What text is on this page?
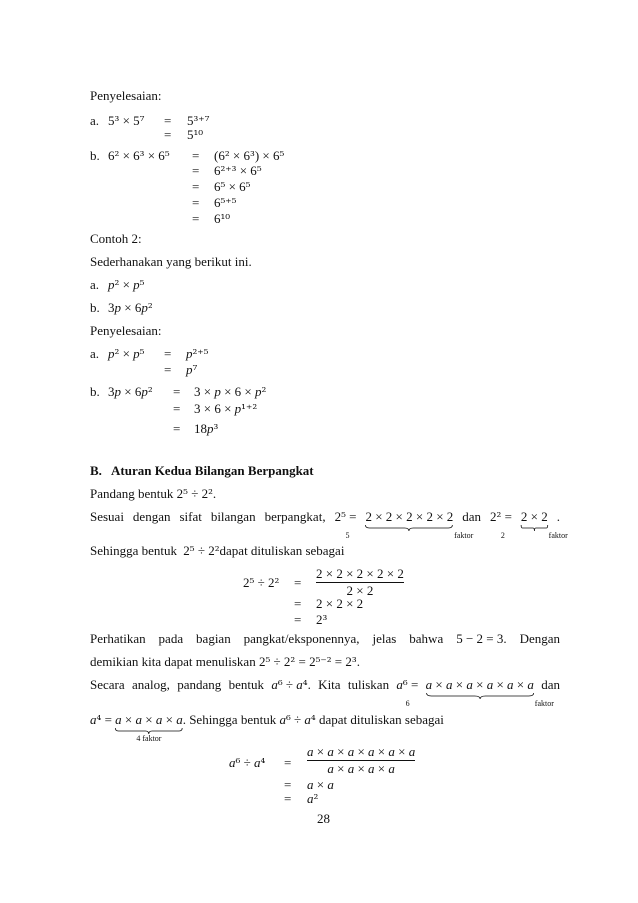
Penyelesaian:
a. 5³ × 5⁷ = 5³⁺⁷
= 5¹⁰
b. 6² × 6³ × 6⁵ = (6² × 6³) × 6⁵
= 6²⁺³ × 6⁵
= 6⁵ × 6⁵
= 6⁵⁺⁵
= 6¹⁰
Contoh 2:
Sederhanakan yang berikut ini.
a. p² × p⁵
b. 3p × 6p²
Penyelesaian:
a. p² × p⁵ = p²⁺⁵
= p⁷
b. 3p × 6p² = 3 × p × 6 × p²
= 3 × 6 × p¹⁺²
= 18p³
B. Aturan Kedua Bilangan Berpangkat
Pandang bentuk 2⁵ ÷ 2².
Sesuai dengan sifat bilangan berpangkat, 2⁵ = 2 × 2 × 2 × 2 × 2
5 faktor
dan 2² = 2 × 2
2 faktor
.
Sehingga bentuk 2⁵ ÷ 2²dapat dituliskan sebagai
2⁵ ÷ 2² =
2 × 2 × 2 × 2 × 2
2 × 2
= 2 × 2 × 2
= 2³
Perhatikan pada bagian pangkat/eksponennya, jelas bahwa 5 − 2 = 3. Dengan
demikian kita dapat menuliskan 2⁵ ÷ 2² = 2⁵⁻² = 2³.
Secara analog, pandang bentuk a⁶ ÷ a⁴. Kita tuliskan a⁶ = a × a × a × a × a × a
6 faktor
dan
a⁴ = a × a × a × a
4 faktor
. Sehingga bentuk a⁶ ÷ a⁴ dapat dituliskan sebagai
a⁶ ÷ a⁴ =
a × a × a × a × a × a
a × a × a × a
= a × a
= a²
28
